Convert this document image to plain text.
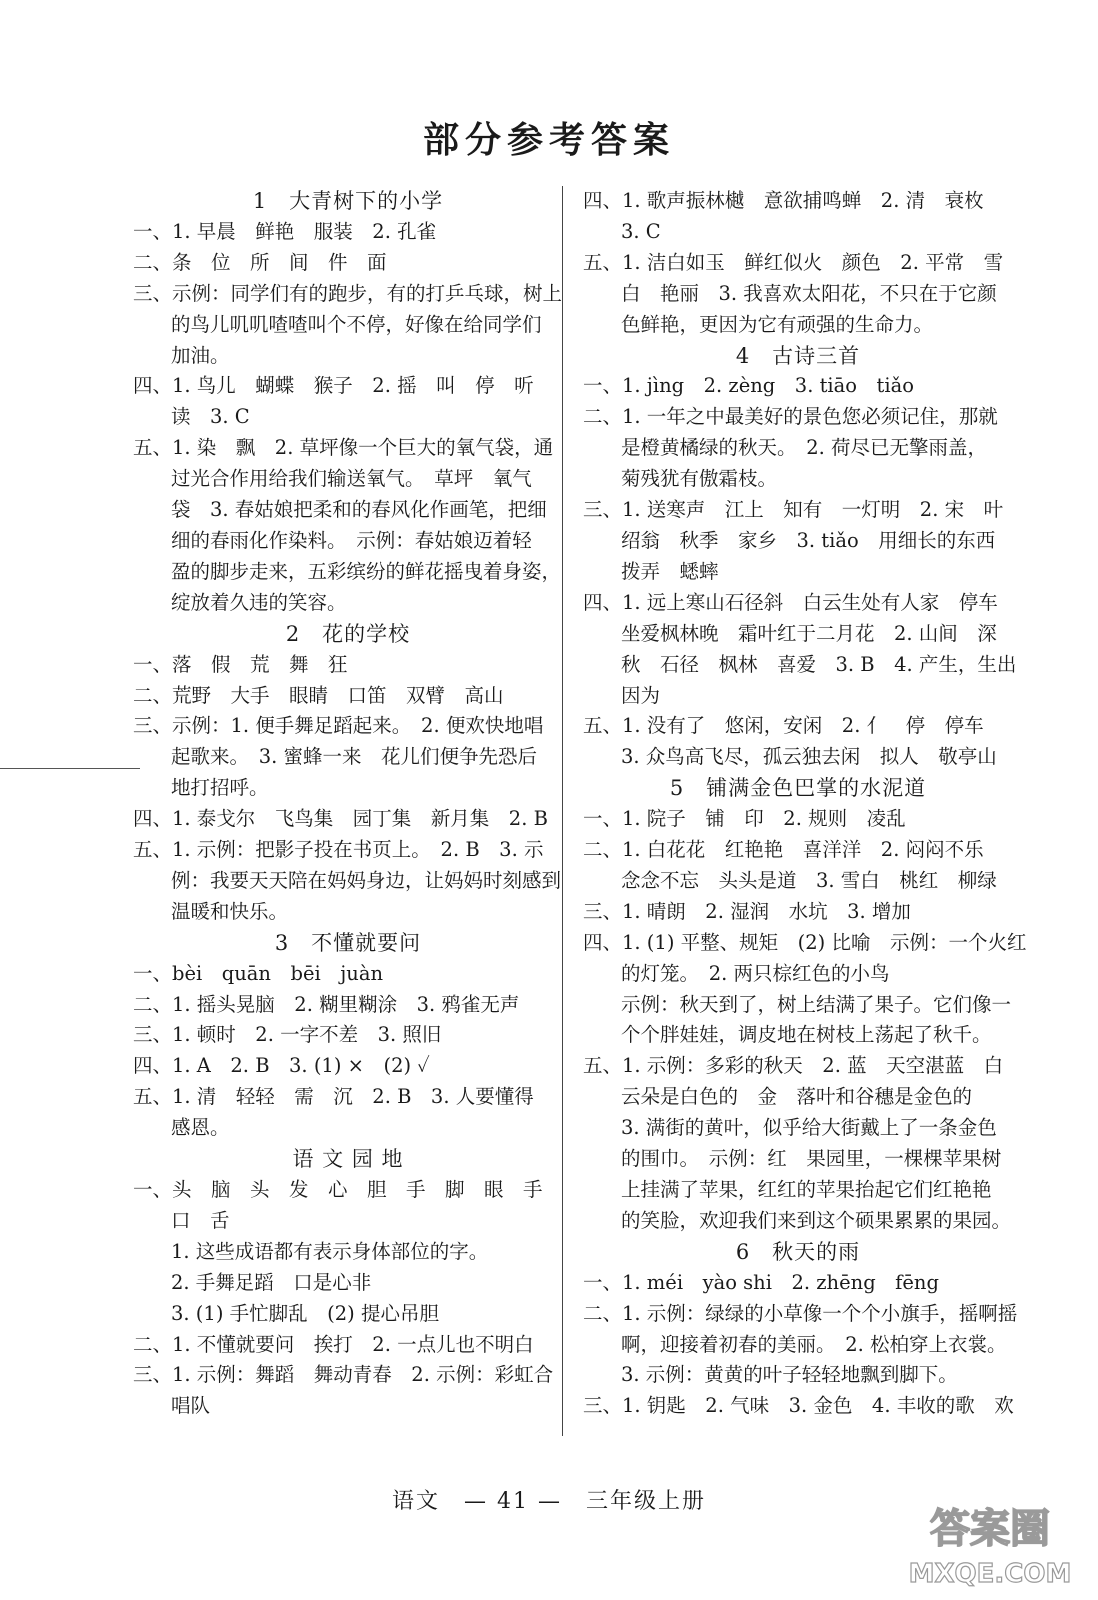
部分参考答案
1　大青树下的小学
一、1. 早晨　鲜艳　服装　2. 孔雀
二、条　位　所　间　件　面
三、示例：同学们有的跑步，有的打乒乓球，树上
的鸟儿叽叽喳喳叫个不停，好像在给同学们
加油。
四、1. 鸟儿　蝴蝶　猴子　2. 摇　叫　停　听
读　3. C
五、1. 染　飘　2. 草坪像一个巨大的氧气袋，通
过光合作用给我们输送氧气。　草坪　氧气
袋　3. 春姑娘把柔和的春风化作画笔，把细
细的春雨化作染料。　示例：春姑娘迈着轻
盈的脚步走来，五彩缤纷的鲜花摇曳着身姿，
绽放着久违的笑容。
2　花的学校
一、落　假　荒　舞　狂
二、荒野　大手　眼睛　口笛　双臂　高山
三、示例：1. 便手舞足蹈起来。　2. 便欢快地唱
起歌来。　3. 蜜蜂一来　花儿们便争先恐后
地打招呼。
四、1. 泰戈尔　飞鸟集　园丁集　新月集　2. B
五、1. 示例：把影子投在书页上。　2. B　3. 示
例：我要天天陪在妈妈身边，让妈妈时刻感到
温暖和快乐。
3　不懂就要问
一、bèi　quān　bēi　juàn
二、1. 摇头晃脑　2. 糊里糊涂　3. 鸦雀无声
三、1. 顿时　2. 一字不差　3. 照旧
四、1. A　2. B　3. (1) ×　(2) ✓
五、1. 清　轻轻　需　沉　2. B　3. 人要懂得
感恩。
语 文 园 地
一、头　脑　头　发　心　胆　手　脚　眼　手
口　舌
1. 这些成语都有表示身体部位的字。
2. 手舞足蹈　口是心非
3. (1) 手忙脚乱　(2) 提心吊胆
二、1. 不懂就要问　挨打　2. 一点儿也不明白
三、1. 示例：舞蹈　舞动青春　2. 示例：彩虹合
唱队
四、1. 歌声振林樾　意欲捕鸣蝉　2. 清　衰枚
3. C
五、1. 洁白如玉　鲜红似火　颜色　2. 平常　雪
白　艳丽　3. 我喜欢太阳花，不只在于它颜
色鲜艳，更因为它有顽强的生命力。
4　古诗三首
一、1. jìng　2. zèng　3. tiāo　tiǎo
二、1. 一年之中最美好的景色您必须记住，那就
是橙黄橘绿的秋天。　2. 荷尽已无擎雨盖，
菊残犹有傲霜枝。
三、1. 送寒声　江上　知有　一灯明　2. 宋　叶
绍翁　秋季　家乡　3. tiǎo　用细长的东西
拨弄　蟋蟀
四、1. 远上寒山石径斜　白云生处有人家　停车
坐爱枫林晚　霜叶红于二月花　2. 山间　深
秋　石径　枫林　喜爱　3. B　4. 产生，生出
因为
五、1. 没有了　悠闲，安闲　2. 亻　停　停车
3. 众鸟高飞尽，孤云独去闲　拟人　敬亭山
5　铺满金色巴掌的水泥道
一、1. 院子　铺　印　2. 规则　凌乱
二、1. 白花花　红艳艳　喜洋洋　2. 闷闷不乐
念念不忘　头头是道　3. 雪白　桃红　柳绿
三、1. 晴朗　2. 湿润　水坑　3. 增加
四、1. (1) 平整、规矩　(2) 比喻　示例：一个火红
的灯笼。　2. 两只棕红色的小鸟
示例：秋天到了，树上结满了果子。它们像一
个个胖娃娃，调皮地在树枝上荡起了秋千。
五、1. 示例：多彩的秋天　2. 蓝　天空湛蓝　白
云朵是白色的　金　落叶和谷穗是金色的
3. 满街的黄叶，似乎给大街戴上了一条金色
的围巾。　示例：红　果园里，一棵棵苹果树
上挂满了苹果，红红的苹果抬起它们红艳艳
的笑脸，欢迎我们来到这个硕果累累的果园。
6　秋天的雨
一、1. méi　yào shi　2. zhēng　fēng
二、1. 示例：绿绿的小草像一个个小旗手，摇啊摇
啊，迎接着初春的美丽。　2. 松柏穿上衣裳。
3. 示例：黄黄的叶子轻轻地飘到脚下。
三、1. 钥匙　2. 气味　3. 金色　4. 丰收的歌　欢
语文　— 41 —　三年级上册
答案圈
MXQE.COM
